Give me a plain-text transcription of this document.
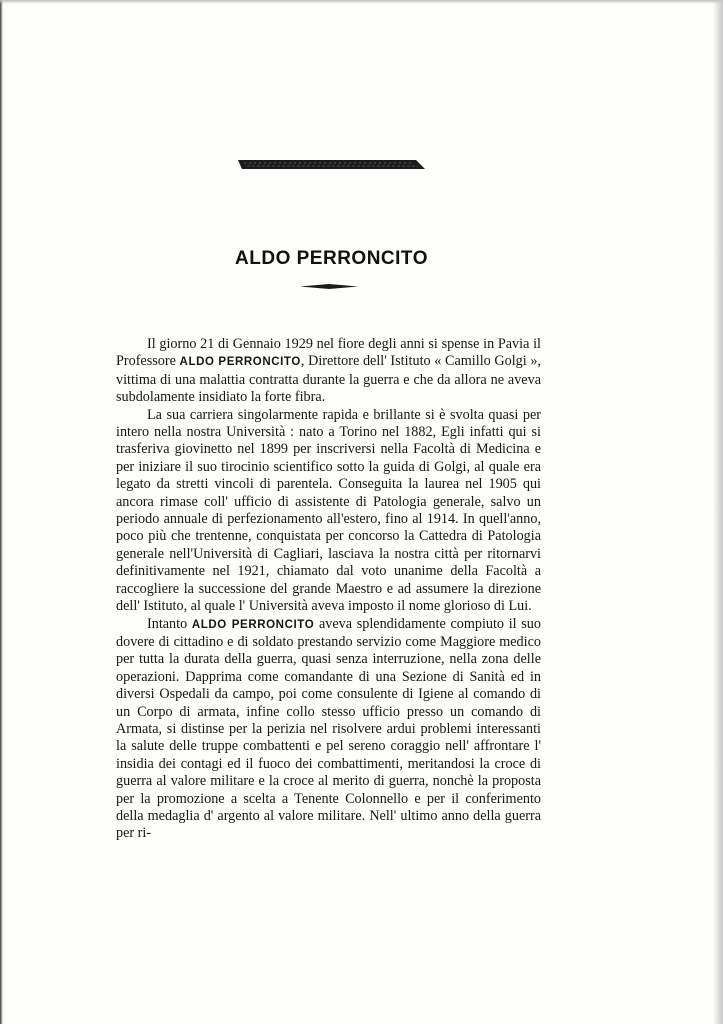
ALDO PERRONCITO

Il giorno 21 di Gennaio 1929 nel fiore degli anni si spense in Pavia il Professore ALDO PERRONCITO, Direttore dell' Istituto « Camillo Golgi », vittima di una malattia contratta durante la guerra e che da allora ne aveva subdolamente insidiato la forte fibra.

La sua carriera singolarmente rapida e brillante si è svolta quasi per intero nella nostra Università : nato a Torino nel 1882, Egli infatti qui si trasferiva giovinetto nel 1899 per inscriversi nella Facoltà di Medicina e per iniziare il suo tirocinio scientifico sotto la guida di Golgi, al quale era legato da stretti vincoli di parentela. Conseguita la laurea nel 1905 qui ancora rimase coll' ufficio di assistente di Patologia generale, salvo un periodo annuale di perfezionamento all'estero, fino al 1914. In quell'anno, poco più che trentenne, conquistata per concorso la Cattedra di Patologia generale nell'Università di Cagliari, lasciava la nostra città per ritornarvi definitivamente nel 1921, chiamato dal voto unanime della Facoltà a raccogliere la successione del grande Maestro e ad assumere la direzione dell' Istituto, al quale l' Università aveva imposto il nome glorioso di Lui.

Intanto ALDO PERRONCITO aveva splendidamente compiuto il suo dovere di cittadino e di soldato prestando servizio come Maggiore medico per tutta la durata della guerra, quasi senza interruzione, nella zona delle operazioni. Dapprima come comandante di una Sezione di Sanità ed in diversi Ospedali da campo, poi come consulente di Igiene al comando di un Corpo di armata, infine collo stesso ufficio presso un comando di Armata, si distinse per la perizia nel risolvere ardui problemi interessanti la salute delle truppe combattenti e pel sereno coraggio nell' affrontare l' insidia dei contagi ed il fuoco dei combattimenti, meritandosi la croce di guerra al valore militare e la croce al merito di guerra, nonchè la proposta per la promozione a scelta a Tenente Colonnello e per il conferimento della medaglia d' argento al valore militare. Nell' ultimo anno della guerra per ri-
